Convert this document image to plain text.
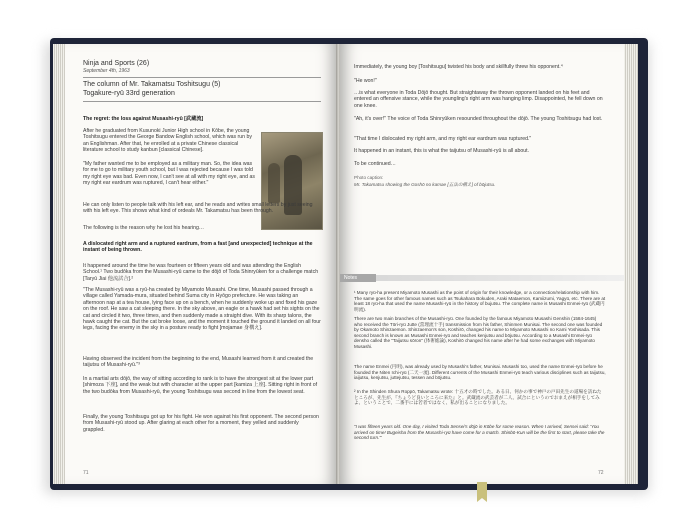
Ninja and Sports (26)
September 4th, 1963
The column of Mr. Takamatsu Toshitsugu (5)
Togakure-ryū 33rd generation
The regret: the loss against Musashi-ryū [武蔵流]
After he graduated from Kusunoki Junior High school in Kōbe, the young Toshitsugu entered the George Bandow English school, which was run by an Englishman. After that, he enrolled at a private Chinese classical literature school to study kanbun [classical Chinese].
"My father wanted me to be employed as a military man. So, the idea was for me to go to military youth school, but I was rejected because I was told my right eye was bad. Even now, I can't see at all with my right eye, and as my right ear eardrum was ruptured, I can't hear either."
He can only listen to people talk with his left ear, and he reads and writes small letters by just seeing with his left eye. This shows what kind of ordeals Mr. Takamatsu has been through.
The following is the reason why he lost his hearing…
A dislocated right arm and a ruptured eardrum, from a fast [and unexpected] technique at the instant of being thrown.
It happened around the time he was fourteen or fifteen years old and was attending the English School.¹ Two budōka from the Musashi-ryū came to the dōjō of Toda Shinryūken for a challenge match [Taryū Jiai 他流試合].²
"The Musashi-ryū was a ryū-ha created by Miyamoto Musashi. One time, Musashi passed through a village called Yamada-mura, situated behind Suma city in Hyōgo prefecture. He was taking an afternoon nap at a tea house, lying face up on a bench, when he suddenly woke up and fixed his gaze on the roof. He saw a cat sleeping there. In the sky above, an eagle or a hawk had set his sights on the cat and circled it two, three times, and then suddenly made a straight dive. With its sharp talons, the hawk caught the cat. But the cat broke loose, and the moment it touched the ground it landed on all four legs, facing the enemy in the sky in a posture ready to fight [mojamae 身構え].
Having observed the incident from the beginning to the end, Musashi learned from it and created the taijutsu of Musashi-ryū."³
In a martial arts dōjō, the way of sitting according to rank is to have the strongest sit at the lower part [shimoza 下座], and the weak but with character at the upper part [kamiza 上座]. Sitting right in front of the two budōka from Musashi-ryū, the young Toshitsugu was second in line from the lowest seat.
Finally, the young Toshitsugu got up for his fight. He won against his first opponent. The second person from Musashi-ryū stood up. After glaring at each other for a moment, they yelled and suddenly grappled.
71
Immediately, the young boy [Toshitsugu] twisted his body and skillfully threw his opponent.⁴
"He won!"
…is what everyone in Toda Dōjō thought. But straightaway the thrown opponent landed on his feet and entered an offensive stance, while the youngling's right arm was hanging limp. Disappointed, he fell down on one knee.
"Ah, it's over!" The voice of Toda Shinryūken resounded throughout the dōjō. The young Toshitsugu had lost.
"That time I dislocated my right arm, and my right ear eardrum was ruptured."
It happened in an instant, this is what the taijutsu of Musashi-ryū is all about.
To be continued…
Photo caption:
Mr. Takamatsu showing the Goshō no kamae [五法の構え] of bōjutsu.
Notes
¹ Many ryū-ha present Miyamoto Musashi as the point of origin for their knowledge, or a connection/relationship with him. The same goes for other famous names such as Tsukahara Bokuden, Araki Mataemon, Kamiizumi, Yagyū, etc. There are at least 18 ryū-ha that used the name Musashi-ryū in the history of bujutsu. The complete name is Musashi Enmei-ryū (武蔵円明流).
There are two main branches of the Musashi-ryū. One founded by the famous Miyamoto Musashi Genshin (1584-1645) who received the Tōri-ryū Jutte (當理流十手) transmission from his father, Shinmen Munisai. The second one was founded by Okamoto Shinzaemon. Shinzaemon's son, Koshirō, changed his name to Miyamoto Musashi no Kami Yoshisada. This second branch is known as Musashi Enmei-ryū and teaches kenjutsu and bōjutsu. According to a Musashi Enmei-ryū densho called the "Taijutsu sōron" (体術総論), Koshirō changed his name after he had some exchanges with Miyamoto Musashi.
The name Enmei (円明), was already used by Musashi's father, Munisai. Musashi too, used the name Enmei-ryū before he founded the Niten Ichi-ryū (二天一流). Different currents of the Musashi Enmei-ryū teach various disciplines such as taijutsu, iaijutsu, kenjutsu, juttejutsu, tessen and bōjutsu.
² In the Shinden Shura Roppō, Takamatsu wrote: 十五才の時でした。ある日、何かの事で神戸の戸田先生の道場を訪ねたところが、先生が、『ちょうど良いところに来た』と。武蔵流の武芸者が二人、試合にというのでおまえが相手をしてみよ、ということで、二番手には若者ではなく、私が出ることになりました。
"I was fifteen years old. One day, I visited Toda Sensei's dōjō in Kōbe for some reason. When I arrived, Sensei said: 'You arrived on time! Bugeisha from the Musashi-ryū have come for a match. Shinbō-Kun will be the first to start, please take the second turn.'"
72
